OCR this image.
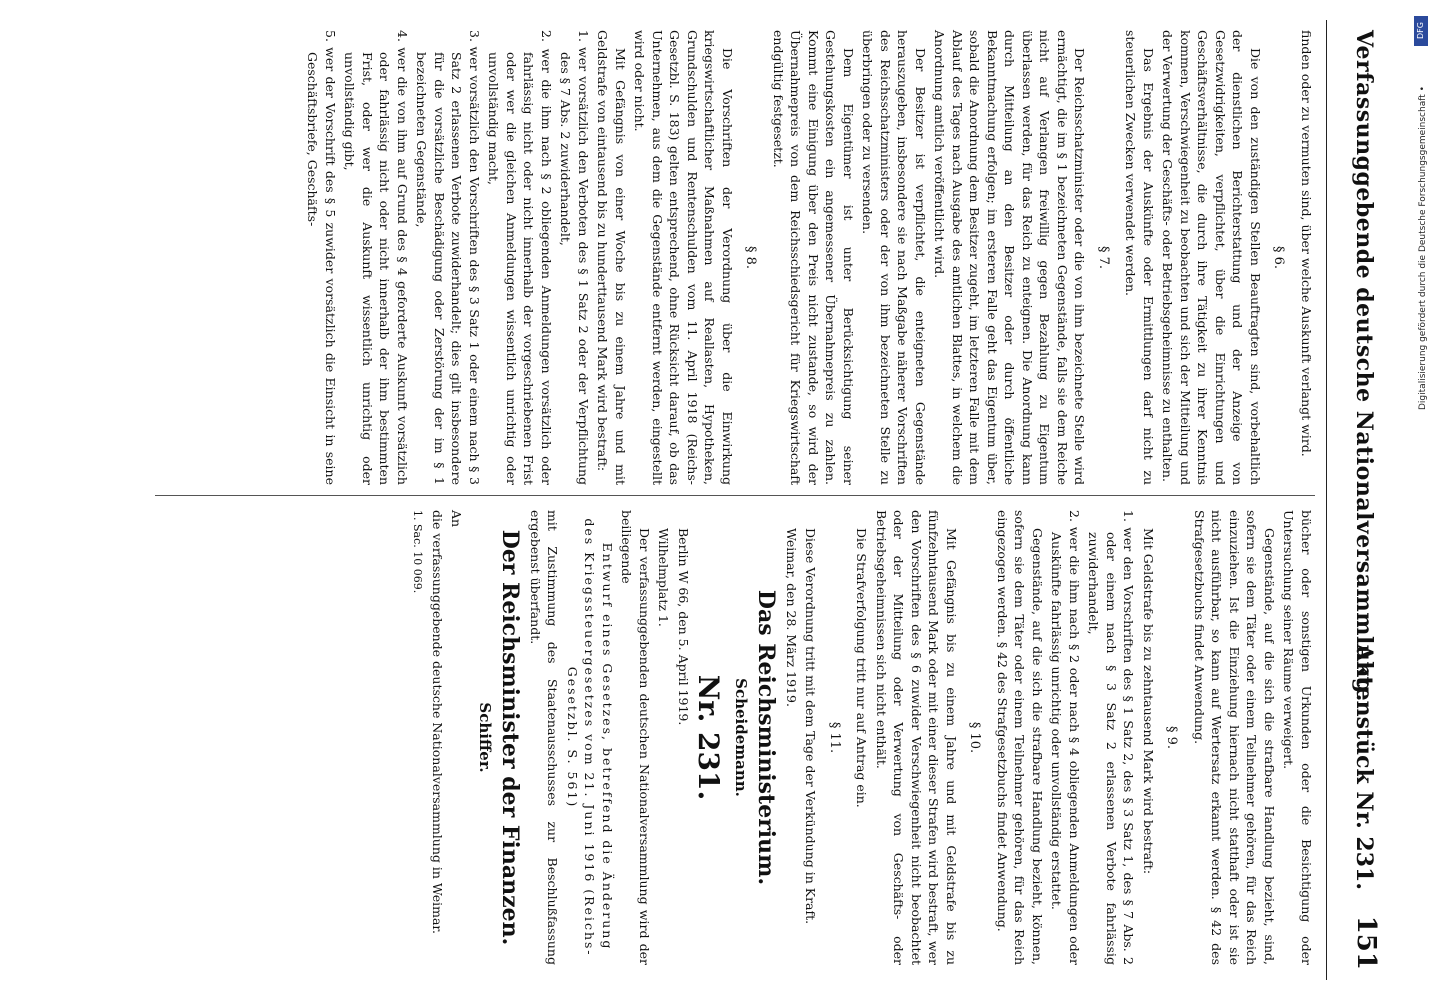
Verfassunggebende deutsche Nationalversammlung.
Aktenstück Nr. 231.
151
finden oder zu vermuten sind, über welche Auskunft verlangt wird.
§ 6.
Die von den zuständigen Stellen Beauftragten sind, vorbehaltlich der dienstlichen Berichterstattung und der Anzeige von Gesetzwidrigkeiten, verpflichtet, über die Einrichtungen und Geschäftsverhältnisse, die durch ihre Tätigkeit zu ihrer Kenntnis kommen, Verschwiegenheit zu beobachten und sich der Mitteilung und der Verwertung der Geschäfts- oder Betriebsgeheimnisse zu enthalten.
Das Ergebnis der Auskünfte oder Ermittlungen darf nicht zu steuerlichen Zwecken verwendet werden.
§ 7.
Der Reichsschatzminister oder die von ihm bezeichnete Stelle wird ermächtigt, die im § 1 bezeichneten Gegenstände, falls sie dem Reiche nicht auf Verlangen freiwillig gegen Bezahlung zu Eigentum überlassen werden, für das Reich zu enteignen. Die Anordnung kann durch Mitteilung an den Besitzer oder durch öffentliche Bekanntmachung erfolgen; im ersteren Falle geht das Eigentum über, sobald die Anordnung dem Besitzer zugeht, im letzteren Falle mit dem Ablauf des Tages nach Ausgabe des amtlichen Blattes, in welchem die Anordnung amtlich veröffentlicht wird.
Der Besitzer ist verpflichtet, die enteigneten Gegenstände herauszugeben, insbesondere sie nach Maßgabe näherer Vorschriften des Reichsschatzministers oder der von ihm bezeichneten Stelle zu überbringen oder zu versenden.
Dem Eigentümer ist unter Berücksichtigung seiner Gestehungskosten ein angemessener Übernahmepreis zu zahlen. Kommt eine Einigung über den Preis nicht zustande, so wird der Übernahmepreis von dem Reichsschiedsgericht für Kriegswirtschaft endgültig festgesetzt.
§ 8.
Die Vorschriften der Verordnung über die Einwirkung kriegswirtschaftlicher Maßnahmen auf Reallasten, Hypotheken, Grundschulden und Rentenschulden vom 11. April 1918 (Reichs-Gesetzbl. S. 183) gelten entsprechend, ohne Rücksicht darauf, ob das Unternehmen, aus dem die Gegenstände entfernt werden, eingestellt wird oder nicht.
Mit Gefängnis von einer Woche bis zu einem Jahre und mit Geldstrafe von eintausend bis zu hunderttausend Mark wird bestraft:
1. wer vorsätzlich den Verboten des § 1 Satz 2 oder der Verpflichtung des § 7 Abs. 2 zuwiderhandelt,
2. wer die ihm nach § 2 obliegenden Anmeldungen vorsätzlich oder fahrlässig nicht oder nicht innerhalb der vorgeschriebenen Frist oder wer die gleichen Anmeldungen wissentlich unrichtig oder unvollständig macht,
3. wer vorsätzlich den Vorschriften des § 3 Satz 1 oder einem nach § 3 Satz 2 erlassenen Verbote zuwiderhandelt; dies gilt insbesondere für die vorsätzliche Beschädigung oder Zerstörung der im § 1 bezeichneten Gegenstände,
4. wer die von ihm auf Grund des § 4 geforderte Auskunft vorsätzlich oder fahrlässig nicht oder nicht innerhalb der ihm bestimmten Frist, oder wer die Auskunft wissentlich unrichtig oder unvollständig gibt,
5. wer der Vorschrift des § 5 zuwider vorsätzlich die Einsicht in seine Geschäftsbriefe, Geschäfts-
bücher oder sonstigen Urkunden oder die Besichtigung oder Untersuchung seiner Räume verweigert.
Gegenstände, auf die sich die strafbare Handlung bezieht, sind, sofern sie dem Täter oder einem Teilnehmer gehören, für das Reich einzuziehen. Ist die Einziehung hiernach nicht statthaft oder ist sie nicht ausführbar, so kann auf Wertersatz erkannt werden. § 42 des Strafgesetzbuchs findet Anwendung.
§ 9.
Mit Geldstrafe bis zu zehntausend Mark wird bestraft:
1. wer den Vorschriften des § 1 Satz 2, des § 3 Satz 1, des § 7 Abs. 2 oder einem nach § 3 Satz 2 erlassenen Verbote fahrlässig zuwiderhandelt,
2. wer die ihm nach § 2 oder nach § 4 obliegenden Anmeldungen oder Auskünfte fahrlässig unrichtig oder unvollständig erstattet.
Gegenstände, auf die sich die strafbare Handlung bezieht, können, sofern sie dem Täter oder einem Teilnehmer gehören, für das Reich eingezogen werden. § 42 des Strafgesetzbuchs findet Anwendung.
§ 10.
Mit Gefängnis bis zu einem Jahre und mit Geldstrafe bis zu fünfzehntausend Mark oder mit einer dieser Strafen wird bestraft, wer den Vorschriften des § 6 zuwider Verschwiegenheit nicht beobachtet oder der Mitteilung oder Verwertung von Geschäfts- oder Betriebsgeheimnissen sich nicht enthält.
Die Strafverfolgung tritt nur auf Antrag ein.
§ 11.
Diese Verordnung tritt mit dem Tage der Verkündung in Kraft.
Weimar, den 28. März 1919.
Das Reichsministerium.
Scheidemann.
Nr. 231.
Berlin W 66, den 5. April 1919.
Wilhelmplatz 1.
Der verfassunggebenden deutschen Nationalversammlung wird der beiliegende
Entwurf eines Gesetzes, betreffend die Änderung des Kriegssteuergesetzes vom 21. Juni 1916 (Reichs-Gesetzbl. S. 561)
mit Zustimmung des Staatenausschusses zur Beschlußfassung ergebenst überfandt.
Der Reichsminister der Finanzen.
Schiffer.
An
die verfassunggebende deutsche Nationalversammlung in Weimar.
1. Sac. 10 069.
DFG
Digitalisierung gefördert durch die Deutsche Forschungsgemeinschaft •
